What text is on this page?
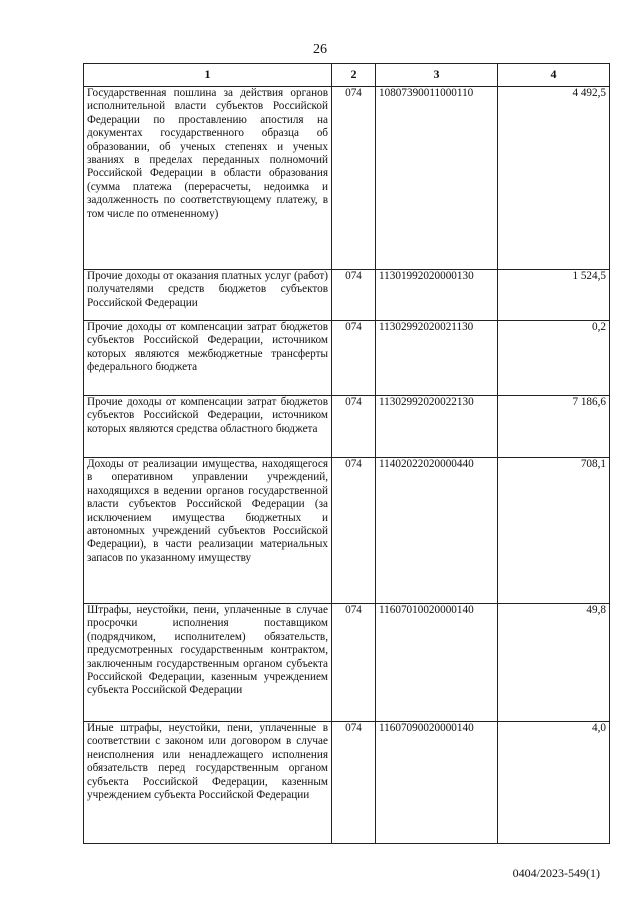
26
1	2	3	4
Государственная пошлина за действия органов исполнительной власти субъектов Российской Федерации по проставлению апостиля на документах государственного образца об образовании, об ученых степенях и ученых званиях в пределах переданных полномочий Российской Федерации в области образования (сумма платежа (перерасчеты, недоимка и задолженность по соответствующему платежу, в том числе по отмененному)	074	10807390011000110	4 492,5
Прочие доходы от оказания платных услуг (работ) получателями средств бюджетов субъектов Российской Федерации	074	11301992020000130	1 524,5
Прочие доходы от компенсации затрат бюджетов субъектов Российской Федерации, источником которых являются межбюджетные трансферты федерального бюджета	074	11302992020021130	0,2
Прочие доходы от компенсации затрат бюджетов субъектов Российской Федерации, источником которых являются средства областного бюджета	074	11302992020022130	7 186,6
Доходы от реализации имущества, находящегося в оперативном управлении учреждений, находящихся в ведении органов государственной власти субъектов Российской Федерации (за исключением имущества бюджетных и автономных учреждений субъектов Российской Федерации), в части реализации материальных запасов по указанному имуществу	074	11402022020000440	708,1
Штрафы, неустойки, пени, уплаченные в случае просрочки исполнения поставщиком (подрядчиком, исполнителем) обязательств, предусмотренных государственным контрактом, заключенным государственным органом субъекта Российской Федерации, казенным учреждением субъекта Российской Федерации	074	11607010020000140	49,8
Иные штрафы, неустойки, пени, уплаченные в соответствии с законом или договором в случае неисполнения или ненадлежащего исполнения обязательств перед государственным органом субъекта Российской Федерации, казенным учреждением субъекта Российской Федерации	074	11607090020000140	4,0
0404/2023-549(1)
